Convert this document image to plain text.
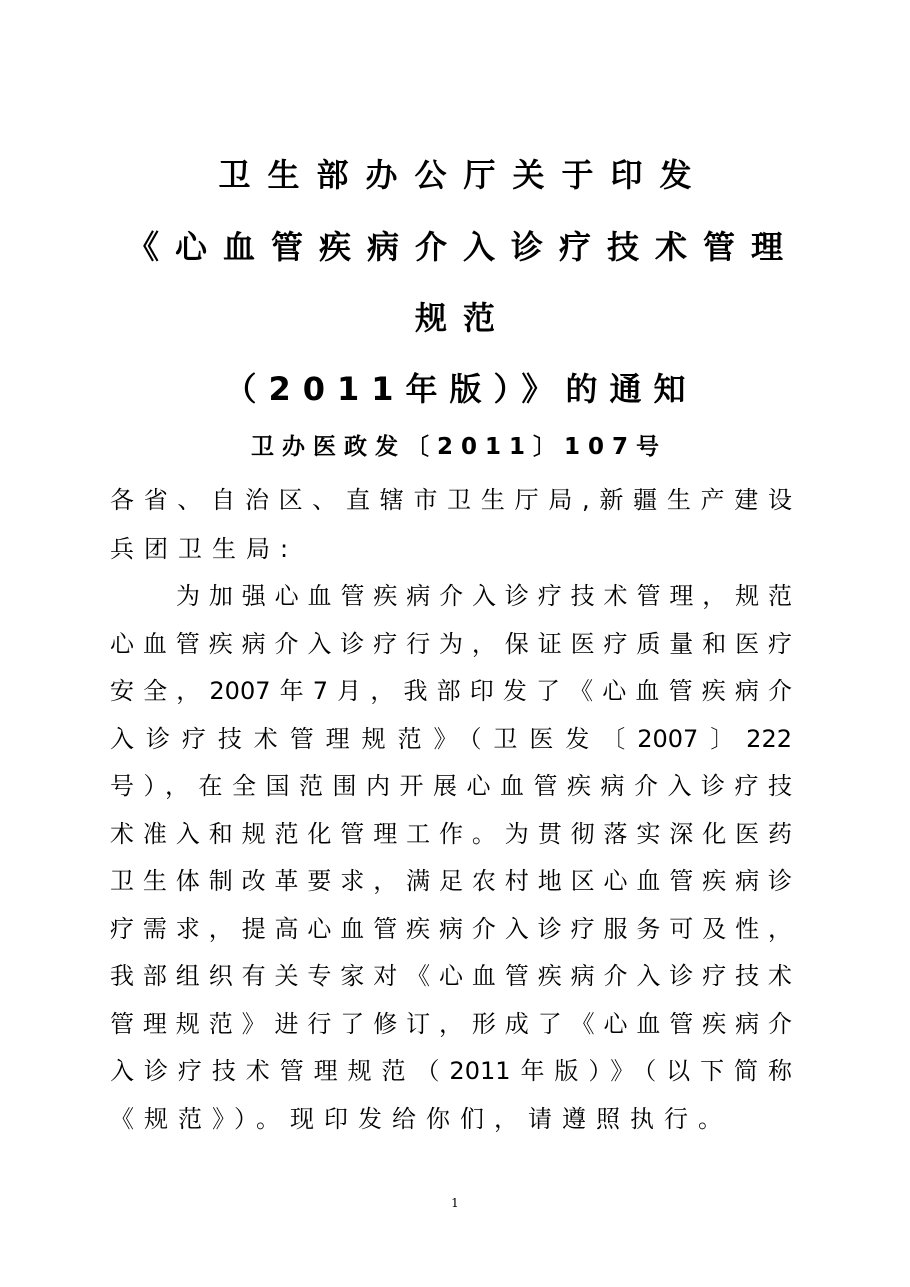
卫生部办公厅关于印发
《心血管疾病介入诊疗技术管理
规范
（2011年版）》的通知
卫办医政发〔2011〕107号
各省、自治区、直辖市卫生厅局,新疆生产建设
兵团卫生局:
为加强心血管疾病介入诊疗技术管理，规范
心血管疾病介入诊疗行为，保证医疗质量和医疗
安全，2007年7月，我部印发了《心血管疾病介
入诊疗技术管理规范》（卫医发〔2007〕222
号），在全国范围内开展心血管疾病介入诊疗技
术准入和规范化管理工作。为贯彻落实深化医药
卫生体制改革要求，满足农村地区心血管疾病诊
疗需求，提高心血管疾病介入诊疗服务可及性，
我部组织有关专家对《心血管疾病介入诊疗技术
管理规范》进行了修订，形成了《心血管疾病介
入诊疗技术管理规范（2011年版）》（以下简称
《规范》）。现印发给你们，请遵照执行。
1
